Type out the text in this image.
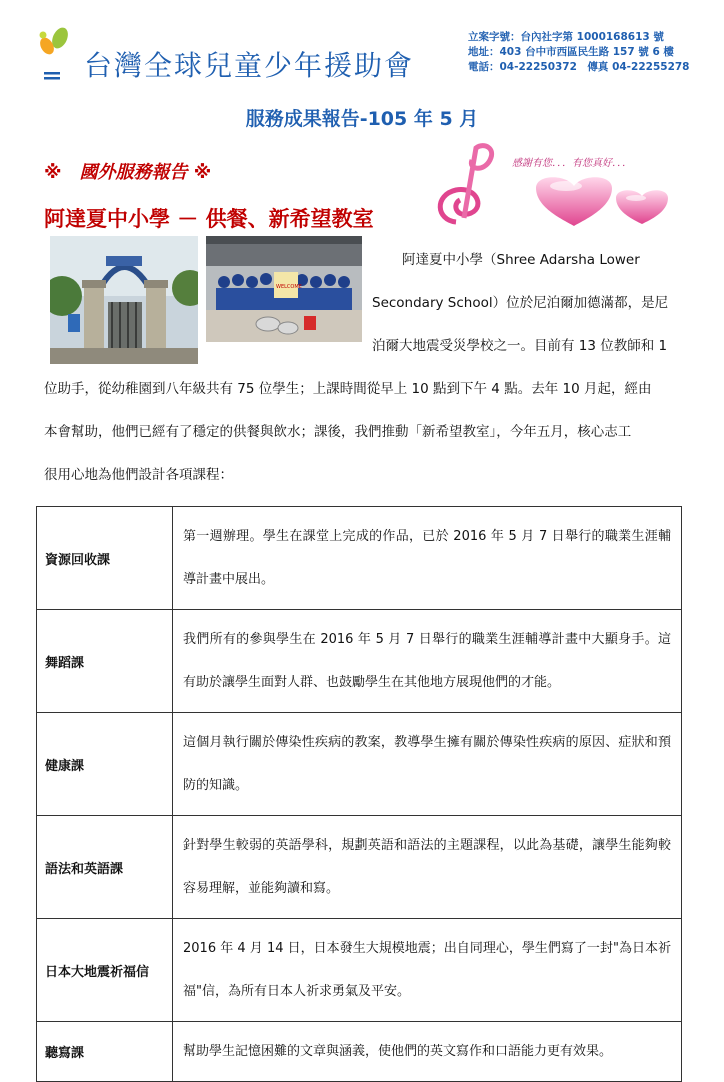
台灣全球兒童少年援助會
立案字號：台內社字第 1000168613 號
地址：403 台中市西區民生路 157 號 6 樓
電話：04-22250372　傳真 04-22255278
服務成果報告-105 年 5 月
※　國外服務報告 ※
阿達夏中小學 － 供餐、新希望教室
感謝有您．．．有您真好．．．
WELCOME
阿達夏中小學（Shree Adarsha Lower
Secondary School）位於尼泊爾加德滿都，是尼
泊爾大地震受災學校之一。目前有 13 位教師和 1
位助手，從幼稚園到八年級共有 75 位學生；上課時間從早上 10 點到下午 4 點。去年 10 月起，經由
本會幫助，他們已經有了穩定的供餐與飲水；課後，我們推動「新希望教室」，今年五月，核心志工
很用心地為他們設計各項課程：
資源回收課	第一週辦理。學生在課堂上完成的作品，已於 2016 年 5 月 7 日舉行的職業生涯輔導計畫中展出。
舞蹈課	我們所有的參與學生在 2016 年 5 月 7 日舉行的職業生涯輔導計畫中大顯身手。這有助於讓學生面對人群、也鼓勵學生在其他地方展現他們的才能。
健康課	這個月執行關於傳染性疾病的教案，教導學生擁有關於傳染性疾病的原因、症狀和預防的知識。
語法和英語課	針對學生較弱的英語學科，規劃英語和語法的主題課程，以此為基礎，讓學生能夠較容易理解，並能夠讀和寫。
日本大地震祈福信	2016 年 4 月 14 日，日本發生大規模地震；出自同理心，學生們寫了一封"為日本祈福"信，為所有日本人祈求勇氣及平安。
聽寫課	幫助學生記憶困難的文章與涵義，使他們的英文寫作和口語能力更有效果。
